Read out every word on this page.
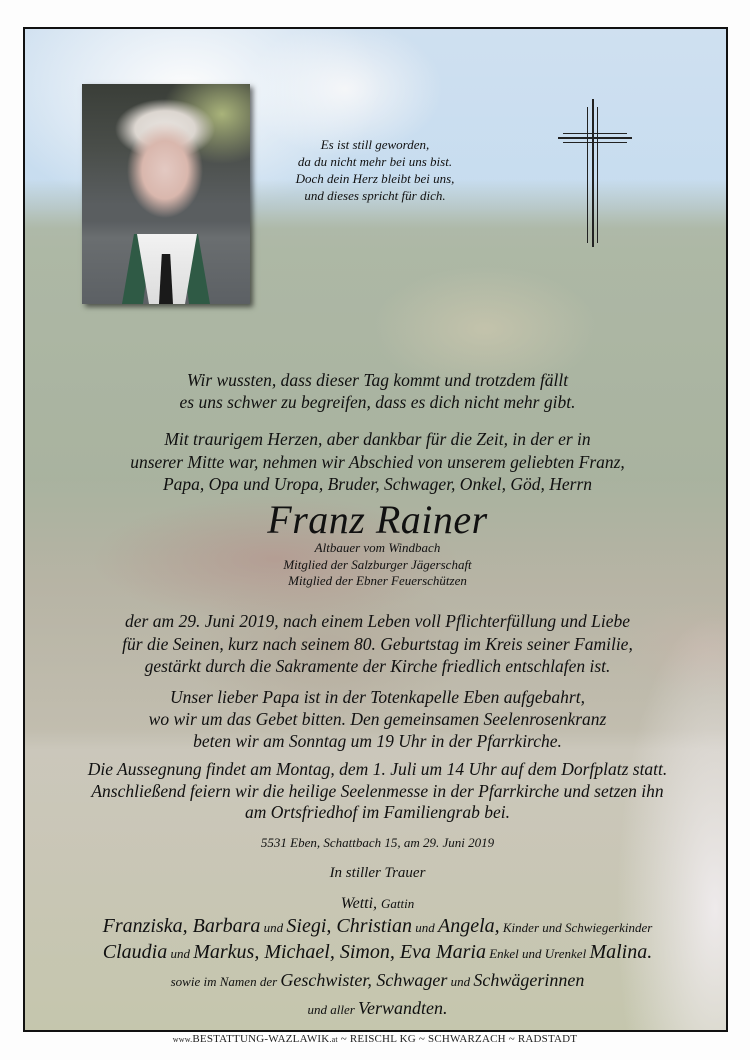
Es ist still geworden,
da du nicht mehr bei uns bist.
Doch dein Herz bleibt bei uns,
und dieses spricht für dich.
Wir wussten, dass dieser Tag kommt und trotzdem fällt
es uns schwer zu begreifen, dass es dich nicht mehr gibt.
Mit traurigem Herzen, aber dankbar für die Zeit, in der er in
unserer Mitte war, nehmen wir Abschied von unserem geliebten Franz,
Papa, Opa und Uropa, Bruder, Schwager, Onkel, Göd, Herrn
Franz Rainer
Altbauer vom Windbach
Mitglied der Salzburger Jägerschaft
Mitglied der Ebner Feuerschützen
der am 29. Juni 2019, nach einem Leben voll Pflichterfüllung und Liebe
für die Seinen, kurz nach seinem 80. Geburtstag im Kreis seiner Familie,
gestärkt durch die Sakramente der Kirche friedlich entschlafen ist.
Unser lieber Papa ist in der Totenkapelle Eben aufgebahrt,
wo wir um das Gebet bitten. Den gemeinsamen Seelenrosenkranz
beten wir am Sonntag um 19 Uhr in der Pfarrkirche.
Die Aussegnung findet am Montag, dem 1. Juli um 14 Uhr auf dem Dorfplatz statt.
Anschließend feiern wir die heilige Seelenmesse in der Pfarrkirche und setzen ihn
am Ortsfriedhof im Familiengrab bei.
5531 Eben, Schattbach 15, am 29. Juni 2019
In stiller Trauer
Wetti, Gattin
Franziska, Barbara und Siegi, Christian und Angela, Kinder und Schwiegerkinder
Claudia und Markus, Michael, Simon, Eva Maria Enkel und Urenkel Malina.
sowie im Namen der Geschwister, Schwager und Schwägerinnen
und aller Verwandten.
www.BESTATTUNG-WAZLAWIK.at ~ REISCHL KG ~ SCHWARZACH ~ RADSTADT
